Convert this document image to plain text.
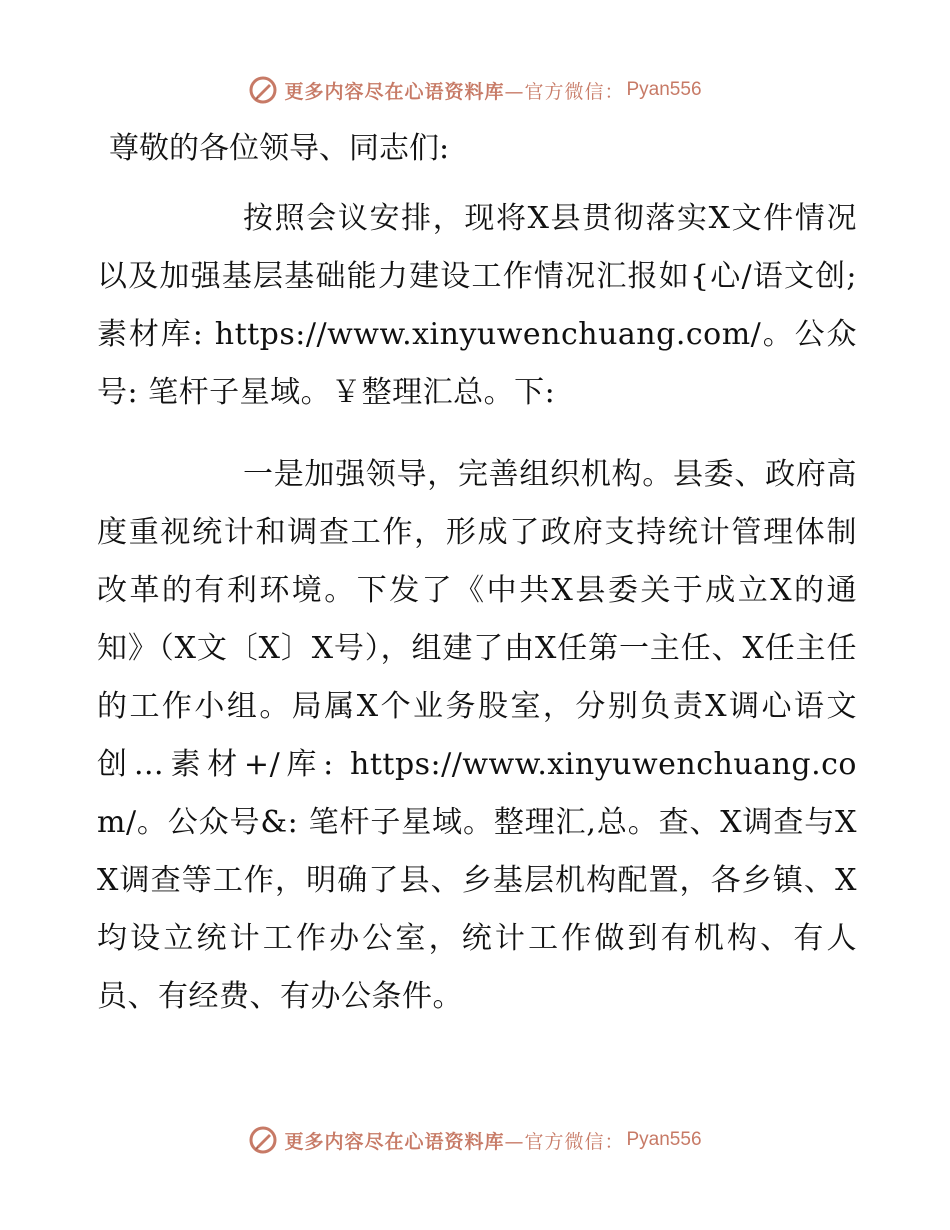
更多内容尽在心语资料库 —官方微信： Pyan556
尊敬的各位领导、同志们:

按照会议安排，现将X县贯彻落实X文件情况以及加强基层基础能力建设工作情况汇报如{心/语文创;素材库: https://www.xinyuwenchuang.com/。公众号: 笔杆子星域。￥整理汇总。下:

一是加强领导，完善组织机构。县委、政府高度重视统计和调查工作，形成了政府支持统计管理体制改革的有利环境。下发了《中共X县委关于成立X的通知》（X文〔X〕X号），组建了由X任第一主任、X任主任的工作小组。局属X个业务股室，分别负责X调心语文创…素材+/库: https://www.xinyuwenchuang.com/。公众号&: 笔杆子星域。整理汇,总。查、X调查与XX调查等工作，明确了县、乡基层机构配置，各乡镇、X均设立统计工作办公室，统计工作做到有机构、有人员、有经费、有办公条件。

更多内容尽在心语资料库 —官方微信： Pyan556
